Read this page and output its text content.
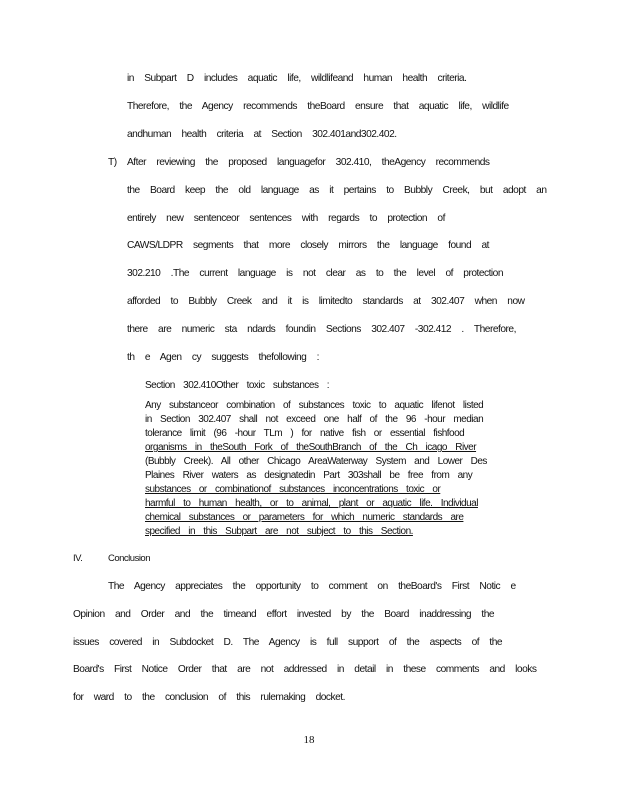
in Subpart D includes aquatic life, wildlifeand human health criteria.
Therefore, the Agency recommends theBoard ensure that aquatic life, wildlife
andhuman health criteria at Section 302.401and302.402.
T) After reviewing the proposed languagefor 302.410, theAgency recommends
the Board keep the old language as it pertains to Bubbly Creek, but adopt an
entirely new sentenceor sentences with regards to protection of
CAWS/LDPR segments that more closely mirrors the language found at
302.210 .The current language is not clear as to the level of protection
afforded to Bubbly Creek and it is limitedto standards at 302.407 when now
there are numeric sta ndards foundin Sections 302.407 -302.412 . Therefore,
th e Agen cy suggests thefollowing :
Section 302.410Other toxic substances :
Any substanceor combination of substances toxic to aquatic lifenot listed
in Section 302.407 shall not exceed one half of the 96 -hour median
tolerance limit (96 -hour TLm ) for native fish or essential fishfood
organisms in theSouth Fork of theSouthBranch of the Ch icago River
(Bubbly Creek). All other Chicago AreaWaterway System and Lower Des
Plaines River waters as designatedin Part 303shall be free from any
substances or combinationof substances inconcentrations toxic or
harmful to human health, or to animal, plant or aquatic life. Individual
chemical substances or parameters for which numeric standards are
specified in this Subpart are not subject to this Section.
IV.	Conclusion
The Agency appreciates the opportunity to comment on theBoard's First Notic e
Opinion and Order and the timeand effort invested by the Board inaddressing the
issues covered in Subdocket D. The Agency is full support of the aspects of the
Board's First Notice Order that are not addressed in detail in these comments and looks
for ward to the conclusion of this rulemaking docket.
18
